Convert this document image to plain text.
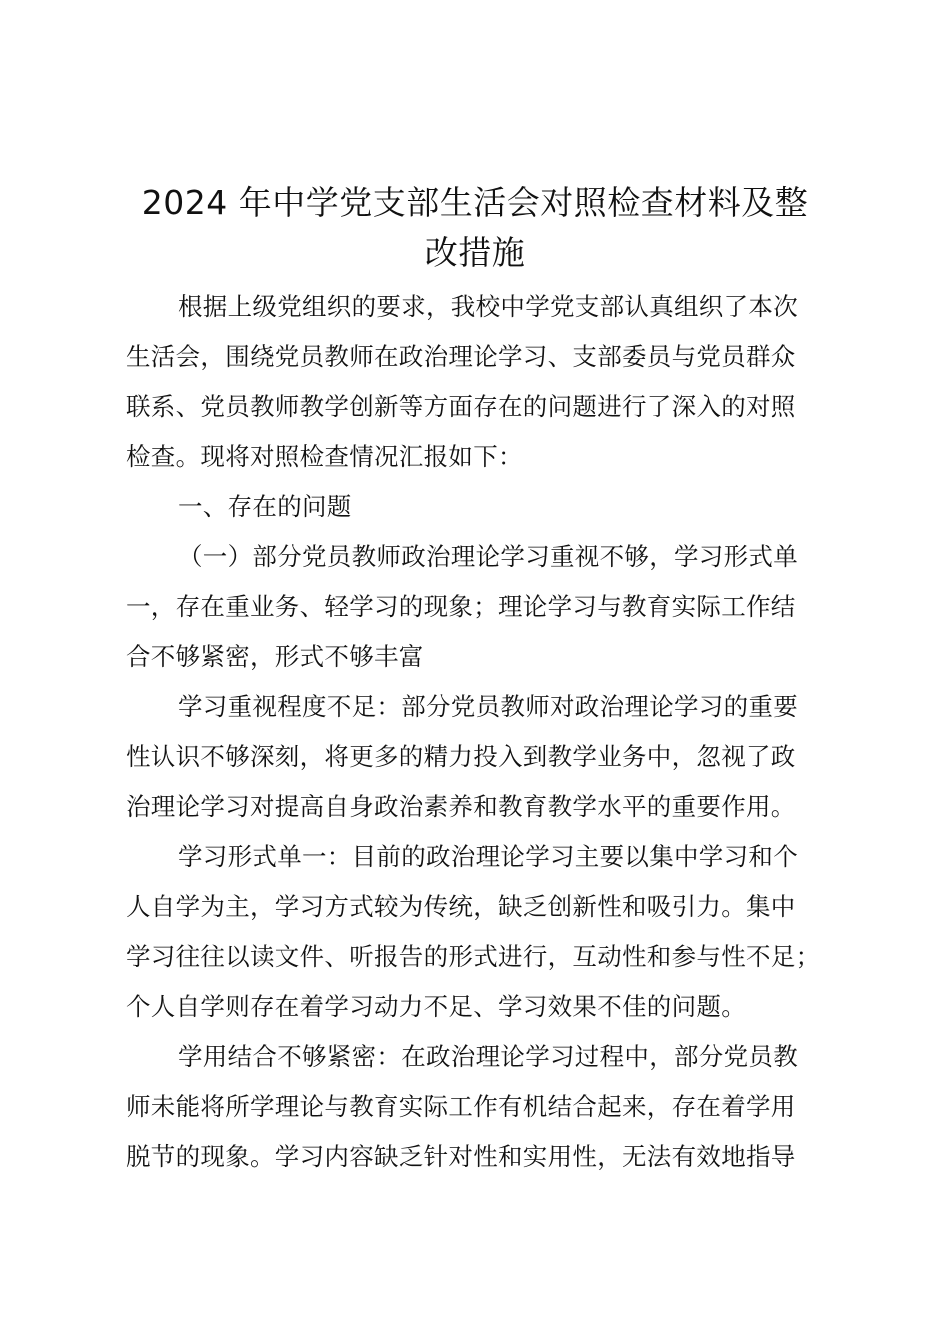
2024 年中学党支部生活会对照检查材料及整
改措施
根据上级党组织的要求，我校中学党支部认真组织了本次
生活会，围绕党员教师在政治理论学习、支部委员与党员群众
联系、党员教师教学创新等方面存在的问题进行了深入的对照
检查。现将对照检查情况汇报如下：
一、存在的问题
（一）部分党员教师政治理论学习重视不够，学习形式单
一，存在重业务、轻学习的现象；理论学习与教育实际工作结
合不够紧密，形式不够丰富
学习重视程度不足：部分党员教师对政治理论学习的重要
性认识不够深刻，将更多的精力投入到教学业务中，忽视了政
治理论学习对提高自身政治素养和教育教学水平的重要作用。
学习形式单一：目前的政治理论学习主要以集中学习和个
人自学为主，学习方式较为传统，缺乏创新性和吸引力。集中
学习往往以读文件、听报告的形式进行，互动性和参与性不足；
个人自学则存在着学习动力不足、学习效果不佳的问题。
学用结合不够紧密：在政治理论学习过程中，部分党员教
师未能将所学理论与教育实际工作有机结合起来，存在着学用
脱节的现象。学习内容缺乏针对性和实用性，无法有效地指导
